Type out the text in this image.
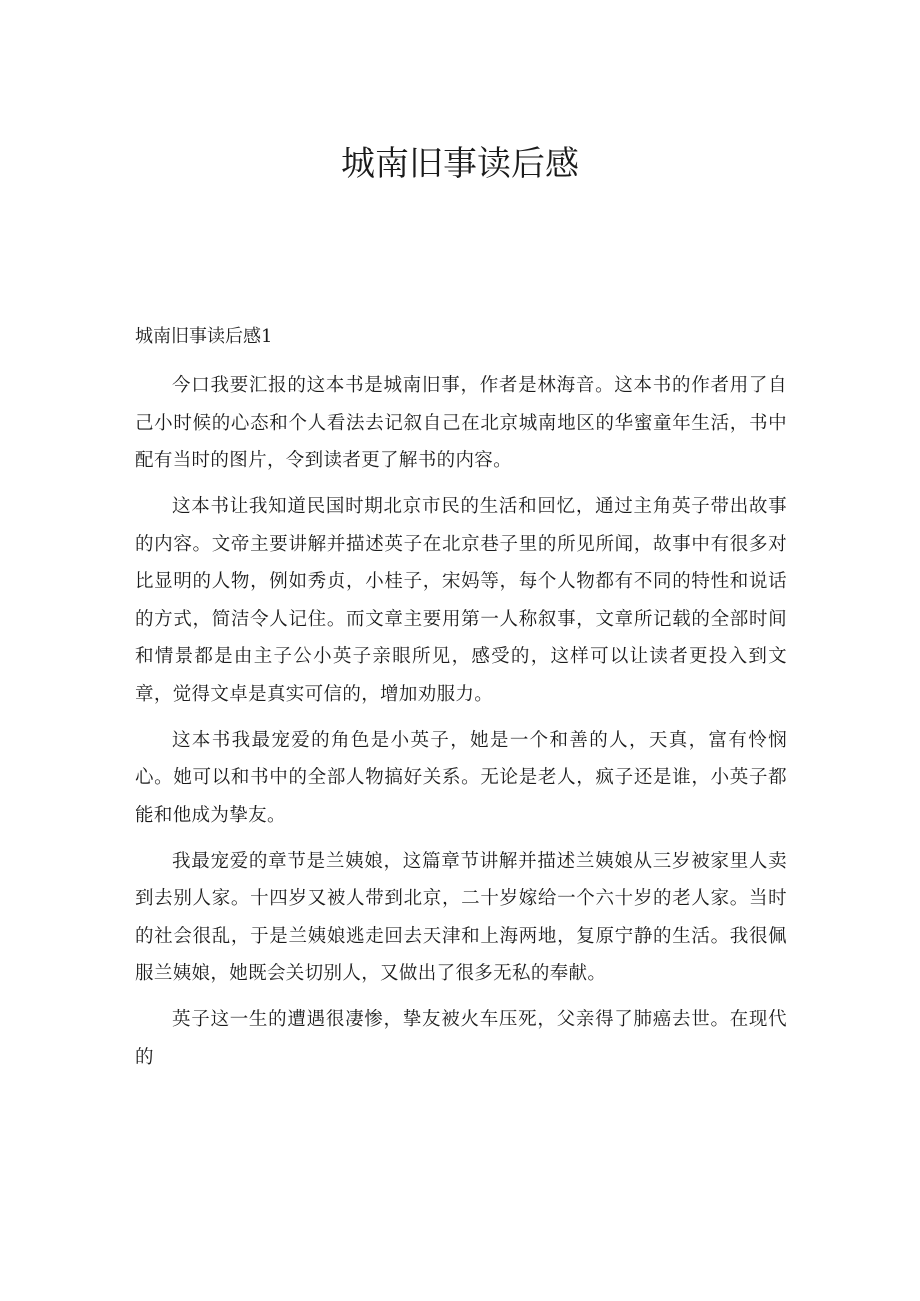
城南旧事读后感
城南旧事读后感1

今口我要汇报的这本书是城南旧事，作者是林海音。这本书的作者用了自己小时候的心态和个人看法去记叙自己在北京城南地区的华蜜童年生活，书中配有当时的图片，令到读者更了解书的内容。

这本书让我知道民国时期北京市民的生活和回忆，通过主角英子带出故事的内容。文帝主要讲解并描述英子在北京巷子里的所见所闻，故事中有很多对比显明的人物，例如秀贞，小桂子，宋妈等，每个人物都有不同的特性和说话的方式，简洁令人记住。而文章主要用第一人称叙事，文章所记载的全部时间和情景都是由主子公小英子亲眼所见，感受的，这样可以让读者更投入到文章，觉得文卓是真实可信的，增加劝服力。

这本书我最宠爱的角色是小英子，她是一个和善的人，天真，富有怜悯心。她可以和书中的全部人物搞好关系。无论是老人，疯子还是谁，小英子都能和他成为挚友。

我最宠爱的章节是兰姨娘，这篇章节讲解并描述兰姨娘从三岁被家里人卖到去别人家。十四岁又被人带到北京，二十岁嫁给一个六十岁的老人家。当时的社会很乱，于是兰姨娘逃走回去天津和上海两地，复原宁静的生活。我很佩服兰姨娘，她既会关切别人，又做出了很多无私的奉献。

英子这一生的遭遇很凄惨，挚友被火车压死，父亲得了肺癌去世。在现代的
